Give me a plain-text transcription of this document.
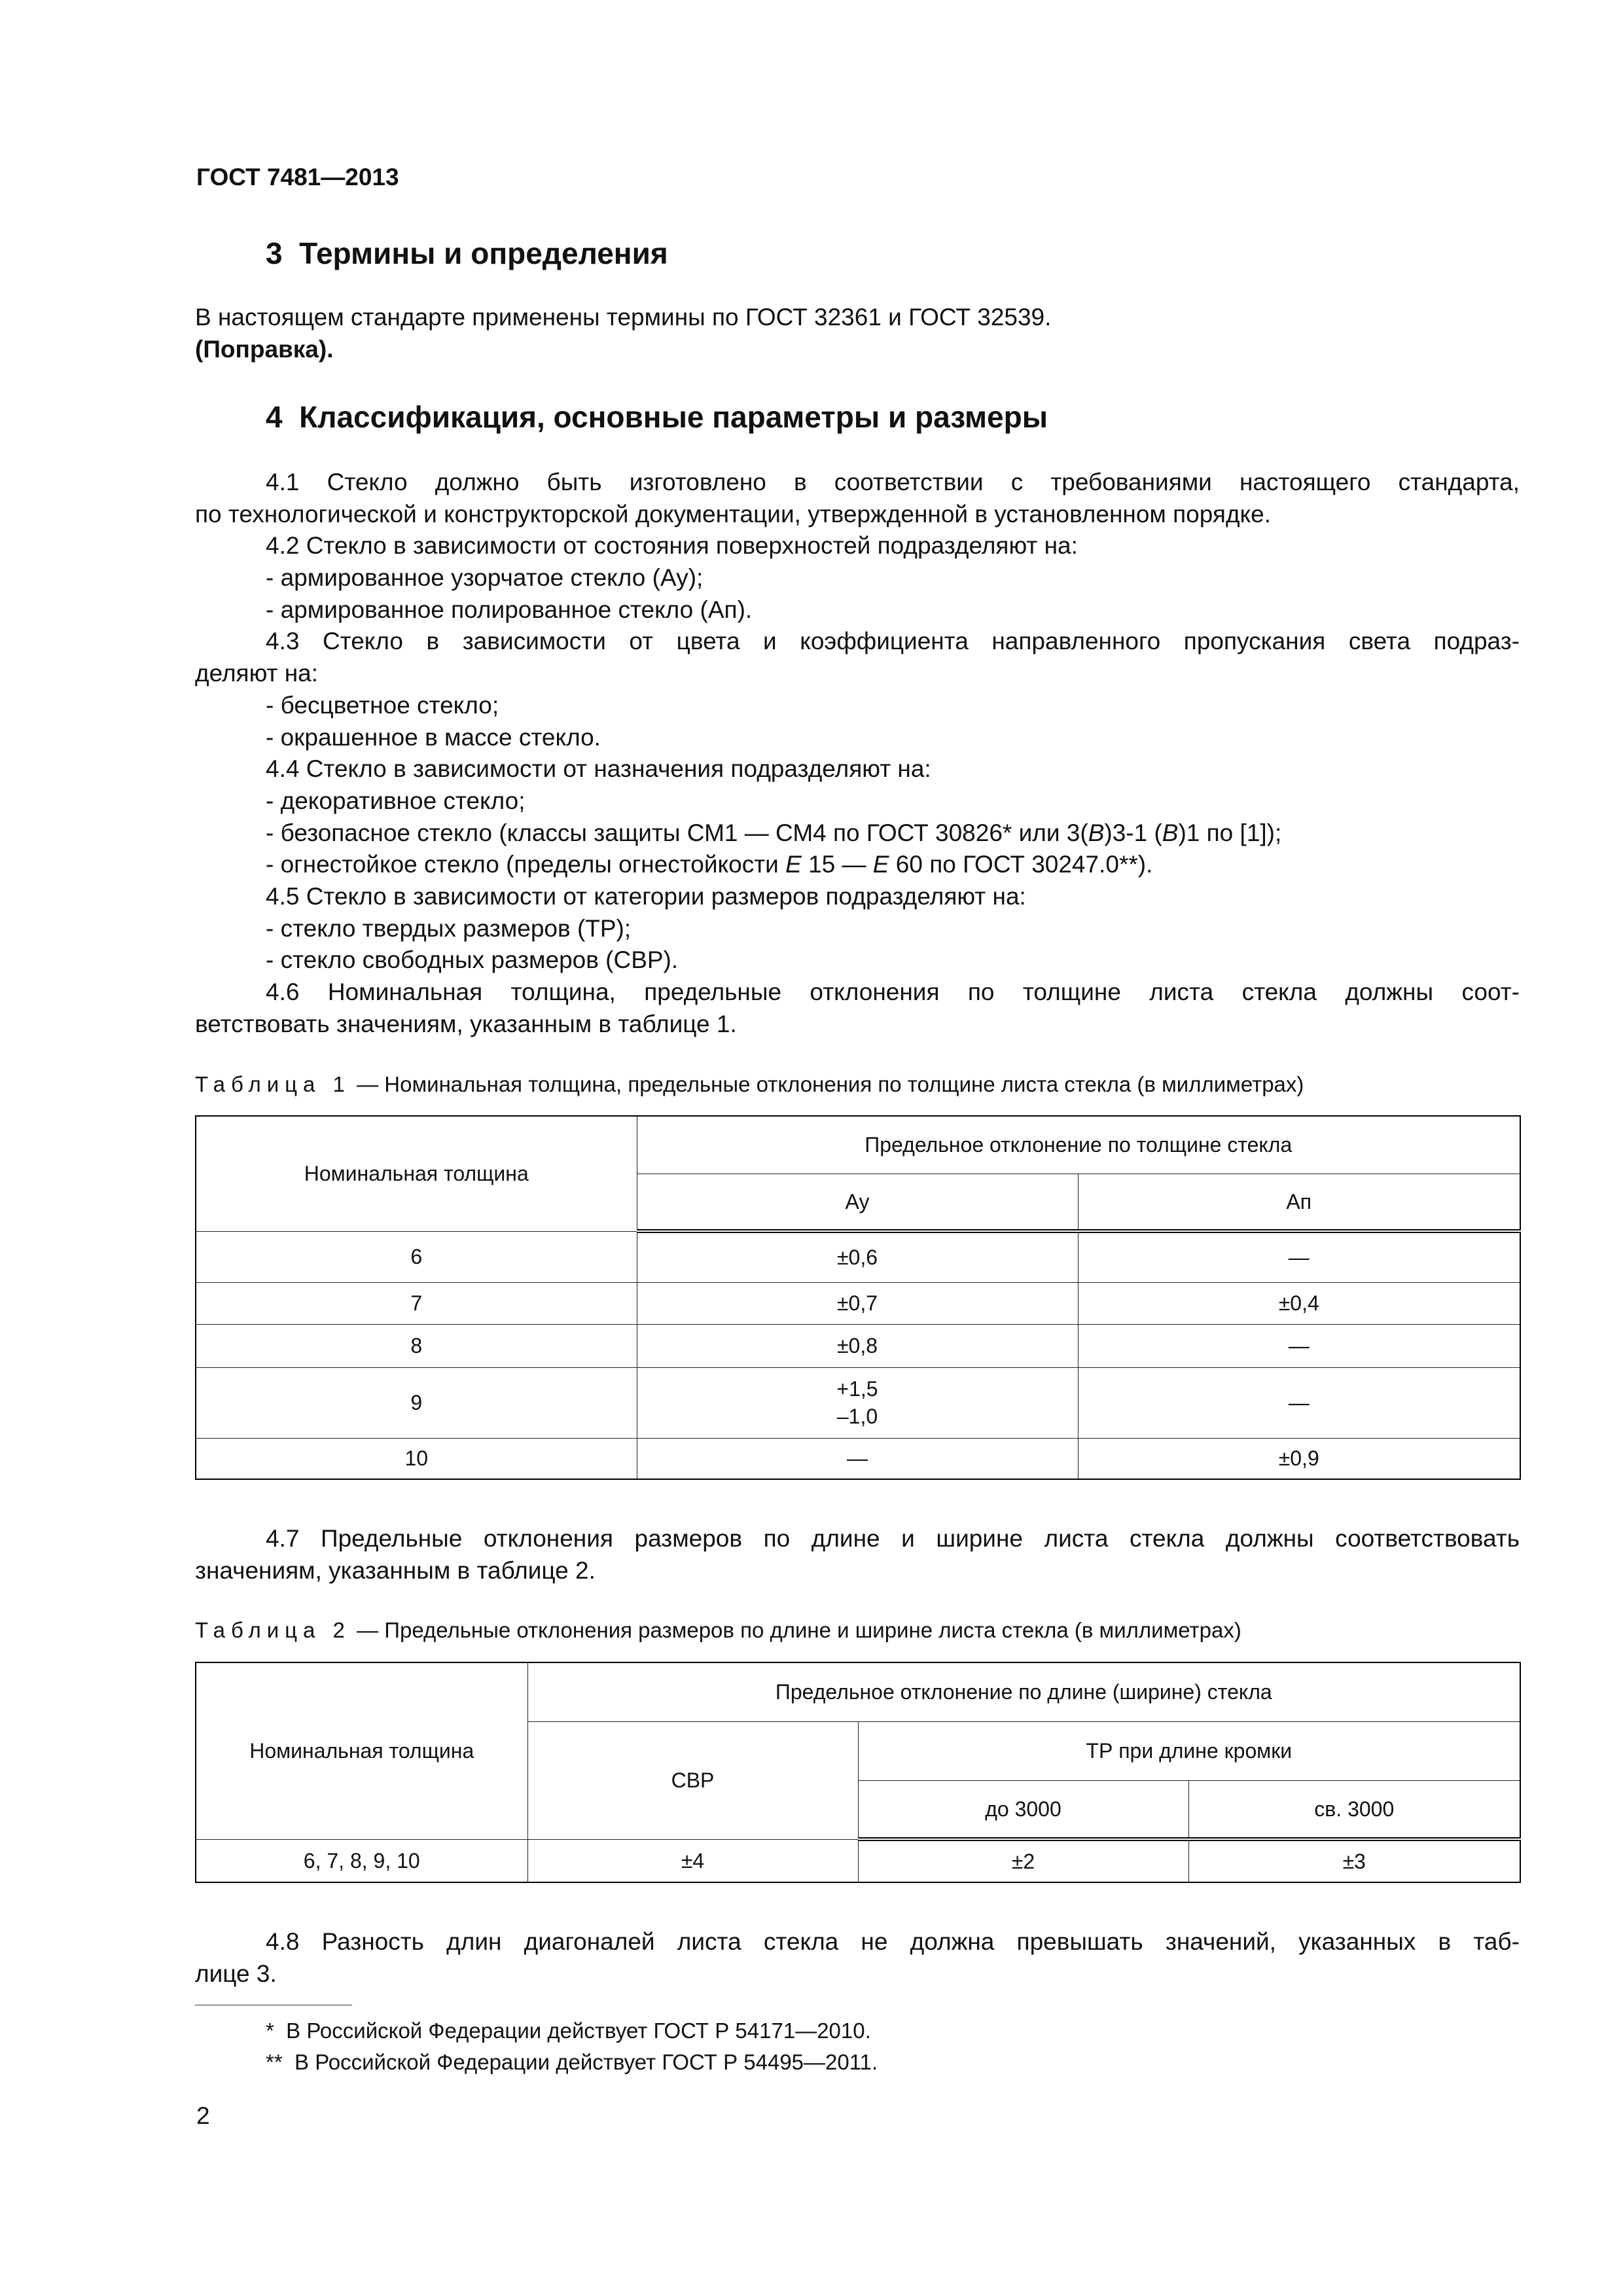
ГОСТ 7481—2013
3  Термины и определения
В настоящем стандарте применены термины по ГОСТ 32361 и ГОСТ 32539.
(Поправка).
4  Классификация, основные параметры и размеры
4.1 Стекло должно быть изготовлено в соответствии с требованиями настоящего стандарта,
по технологической и конструкторской документации, утвержденной в установленном порядке.
4.2 Стекло в зависимости от состояния поверхностей подразделяют на:
- армированное узорчатое стекло (Ау);
- армированное полированное стекло (Ап).
4.3 Стекло в зависимости от цвета и коэффициента направленного пропускания света подраз-
деляют на:
- бесцветное стекло;
- окрашенное в массе стекло.
4.4 Стекло в зависимости от назначения подразделяют на:
- декоративное стекло;
- безопасное стекло (классы защиты СМ1 — СМ4 по ГОСТ 30826* или 3(В)3-1 (В)1 по [1]);
- огнестойкое стекло (пределы огнестойкости Е 15 — Е 60 по ГОСТ 30247.0**).
4.5 Стекло в зависимости от категории размеров подразделяют на:
- стекло твердых размеров (ТР);
- стекло свободных размеров (СВР).
4.6 Номинальная толщина, предельные отклонения по толщине листа стекла должны соот-
ветствовать значениям, указанным в таблице 1.
Таблица 1 — Номинальная толщина, предельные отклонения по толщине листа стекла (в миллиметрах)
Номинальная толщина	Предельное отклонение по толщине стекла	
	Ау	Ап
6	±0,6	—
7	±0,7	±0,4
8	±0,8	—
9	+1,5
–1,0	—
10	—	±0,9
4.7 Предельные отклонения размеров по длине и ширине листа стекла должны соответствовать
значениям, указанным в таблице 2.
Таблица 2 — Предельные отклонения размеров по длине и ширине листа стекла (в миллиметрах)
Номинальная толщина	Предельное отклонение по длине (ширине) стекла		
	СВР	ТР при длине кромки	
		до 3000	св. 3000
6, 7, 8, 9, 10	±4	±2	±3
4.8 Разность длин диагоналей листа стекла не должна превышать значений, указанных в таб-
лице 3.
*  В Российской Федерации действует ГОСТ Р 54171—2010.
**  В Российской Федерации действует ГОСТ Р 54495—2011.
2
